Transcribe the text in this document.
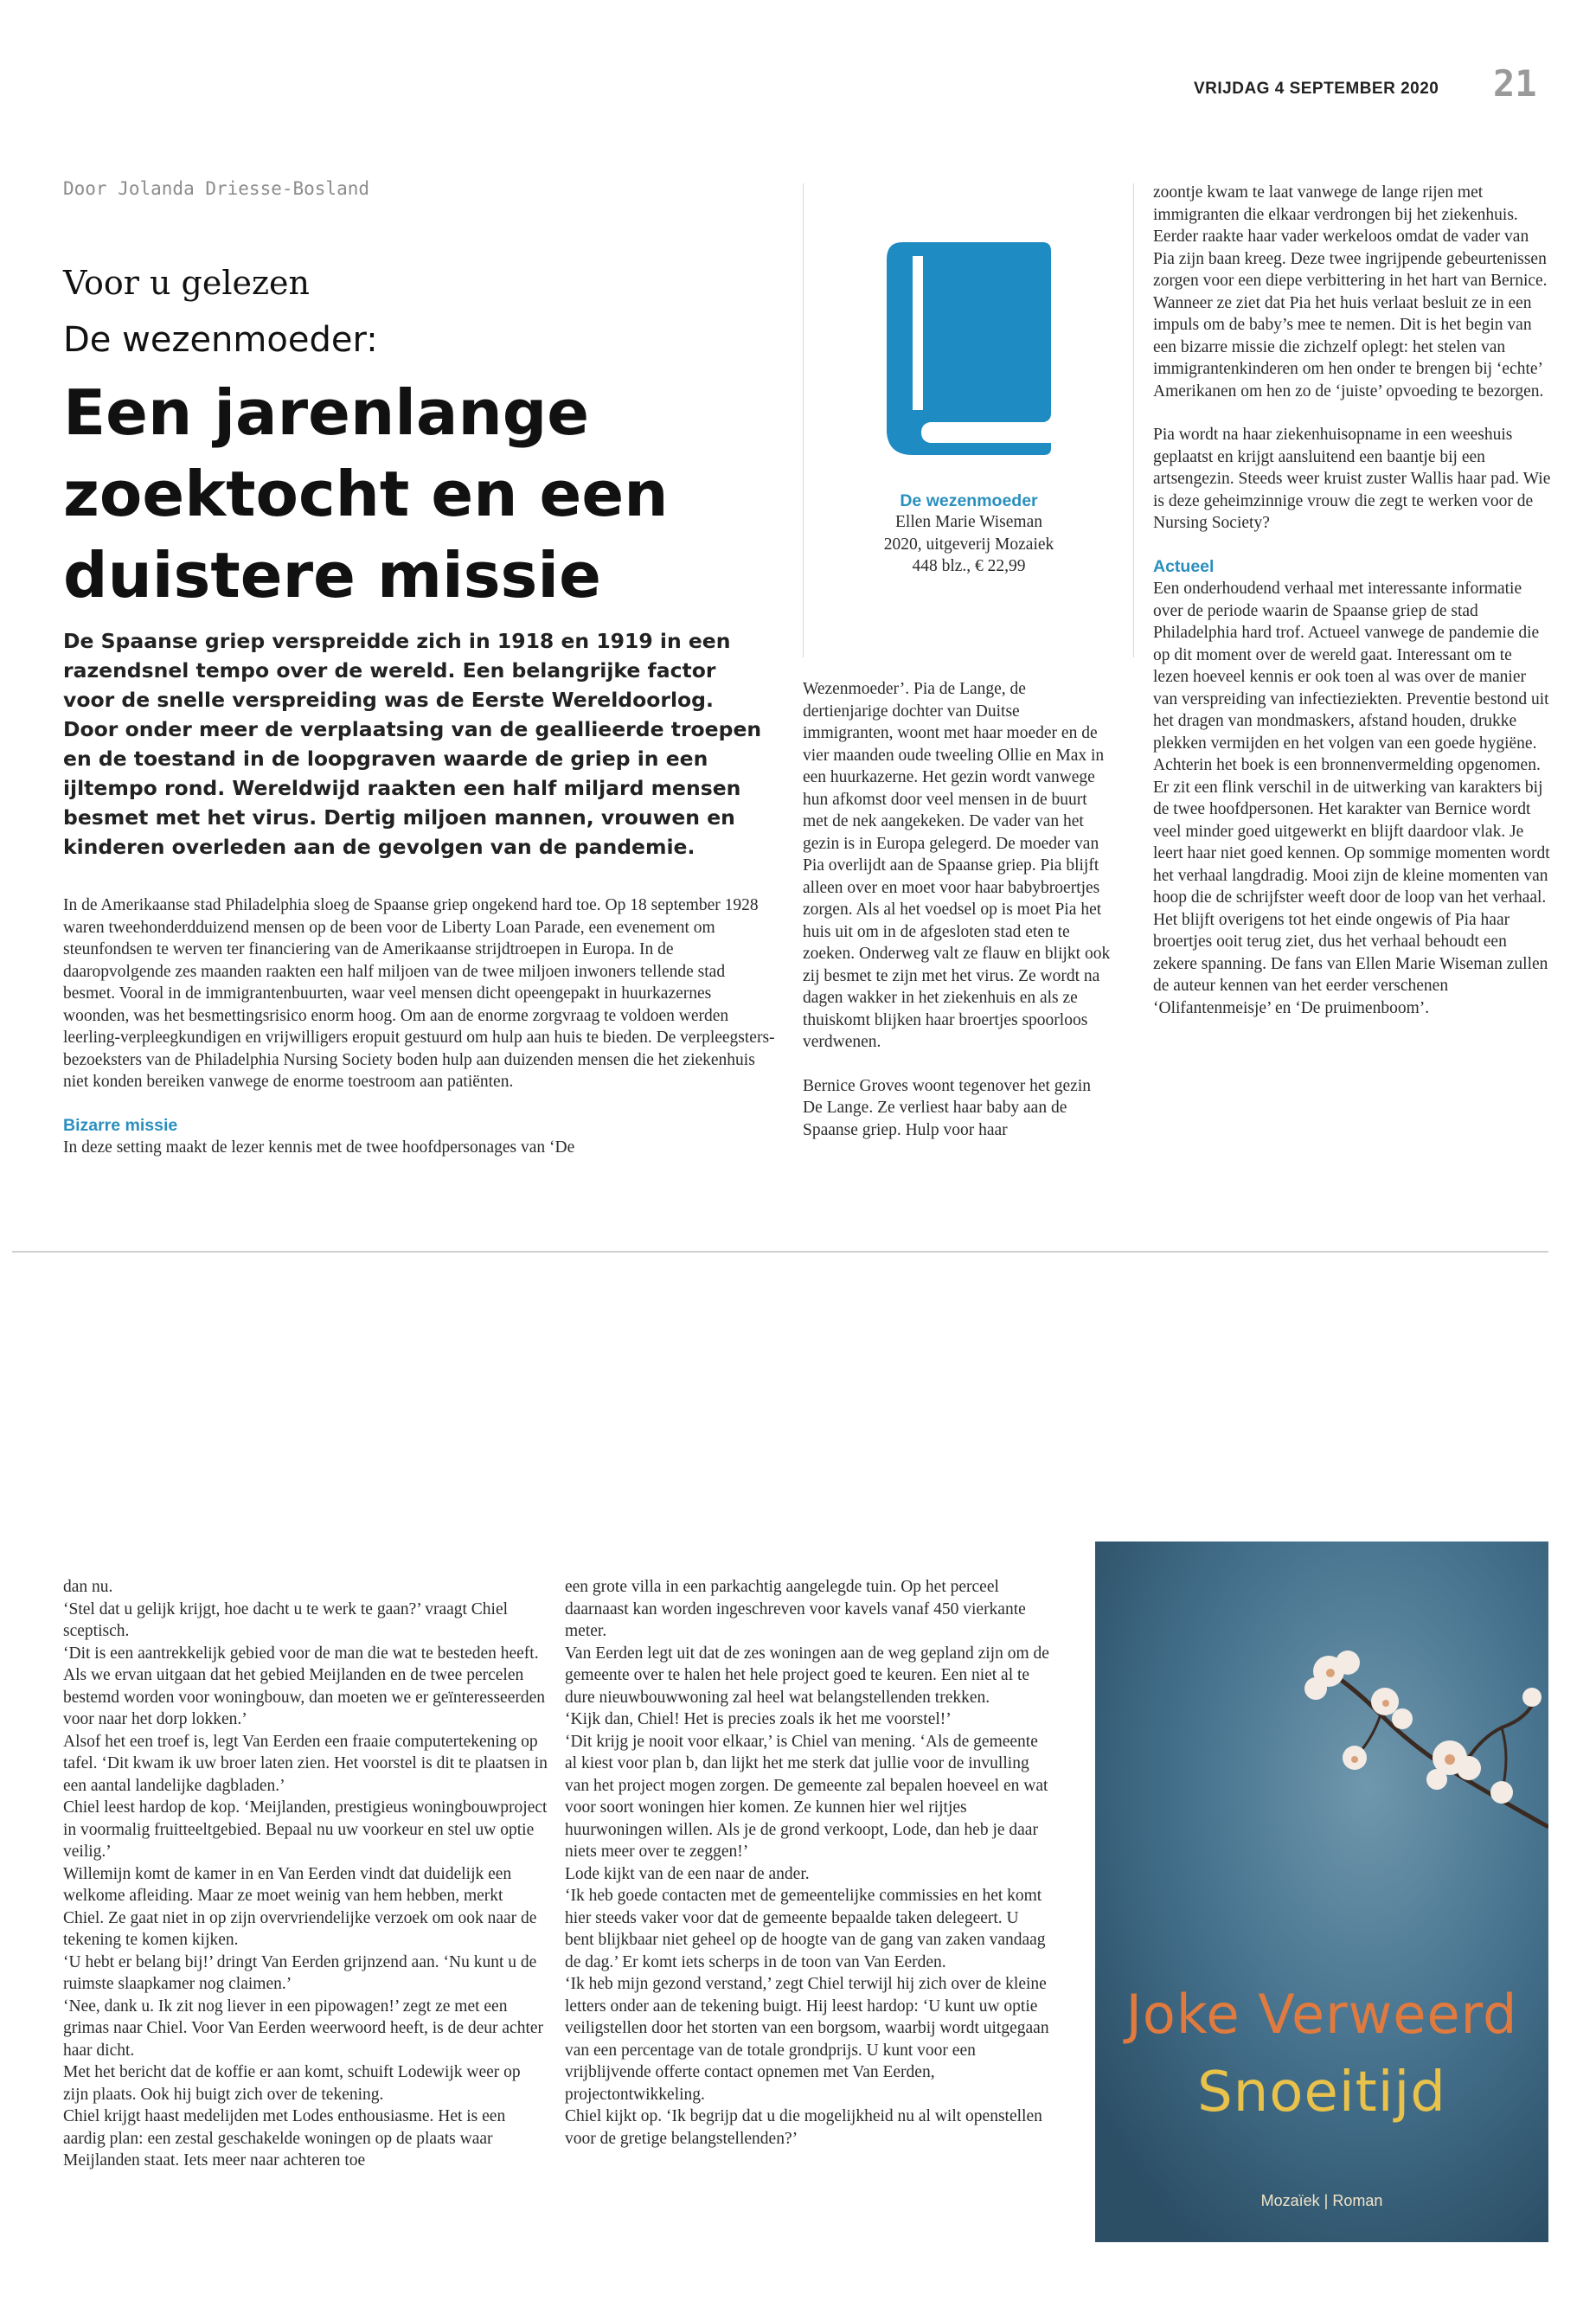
VRIJDAG 4 SEPTEMBER 2020 21
Door Jolanda Driesse-Bosland
Voor u gelezen
De wezenmoeder:
Een jarenlange zoektocht en een duistere missie
De Spaanse griep verspreidde zich in 1918 en 1919 in een razendsnel tempo over de wereld. Een belangrijke factor voor de snelle verspreiding was de Eerste Wereldoorlog. Door onder meer de verplaatsing van de geallieerde troepen en de toestand in de loopgraven waarde de griep in een ijltempo rond. Wereldwijd raakten een half miljard mensen besmet met het virus. Dertig miljoen mannen, vrouwen en kinderen overleden aan de gevolgen van de pandemie.

In de Amerikaanse stad Philadelphia sloeg de Spaanse griep ongekend hard toe. Op 18 september 1928 waren tweehonderdduizend mensen op de been voor de Liberty Loan Parade, een evenement om steunfondsen te werven ter financiering van de Amerikaanse strijdtroepen in Europa. In de daaropvolgende zes maanden raakten een half miljoen van de twee miljoen inwoners tellende stad besmet. Vooral in de immigrantenbuurten, waar veel mensen dicht opeengepakt in huurkazernes woonden, was het besmettingsrisico enorm hoog. Om aan de enorme zorgvraag te voldoen werden leerling-verpleegkundigen en vrijwilligers eropuit gestuurd om hulp aan huis te bieden. De verpleegsters-bezoeksters van de Philadelphia Nursing Society boden hulp aan duizenden mensen die het ziekenhuis niet konden bereiken vanwege de enorme toestroom aan patiënten.

Bizarre missie

In deze setting maakt de lezer kennis met de twee hoofdpersonages van ‘De

De wezenmoeder
Ellen Marie Wiseman
2020, uitgeverij Mozaiek
448 blz., € 22,99

Wezenmoeder’. Pia de Lange, de dertienjarige dochter van Duitse immigranten, woont met haar moeder en de vier maanden oude tweeling Ollie en Max in een huurkazerne. Het gezin wordt vanwege hun afkomst door veel mensen in de buurt met de nek aangekeken. De vader van het gezin is in Europa gelegerd. De moeder van Pia overlijdt aan de Spaanse griep. Pia blijft alleen over en moet voor haar babybroertjes zorgen. Als al het voedsel op is moet Pia het huis uit om in de afgesloten stad eten te zoeken. Onderweg valt ze flauw en blijkt ook zij besmet te zijn met het virus. Ze wordt na dagen wakker in het ziekenhuis en als ze thuiskomt blijken haar broertjes spoorloos verdwenen.

Bernice Groves woont tegenover het gezin De Lange. Ze verliest haar baby aan de Spaanse griep. Hulp voor haar

zoontje kwam te laat vanwege de lange rijen met immigranten die elkaar verdrongen bij het ziekenhuis. Eerder raakte haar vader werkeloos omdat de vader van Pia zijn baan kreeg. Deze twee ingrijpende gebeurtenissen zorgen voor een diepe verbittering in het hart van Bernice. Wanneer ze ziet dat Pia het huis verlaat besluit ze in een impuls om de baby’s mee te nemen. Dit is het begin van een bizarre missie die zichzelf oplegt: het stelen van immigrantenkinderen om hen onder te brengen bij ‘echte’ Amerikanen om hen zo de ‘juiste’ opvoeding te bezorgen.

Pia wordt na haar ziekenhuisopname in een weeshuis geplaatst en krijgt aansluitend een baantje bij een artsengezin. Steeds weer kruist zuster Wallis haar pad. Wie is deze geheimzinnige vrouw die zegt te werken voor de Nursing Society?

Actueel

Een onderhoudend verhaal met interessante informatie over de periode waarin de Spaanse griep de stad Philadelphia hard trof. Actueel vanwege de pandemie die op dit moment over de wereld gaat. Interessant om te lezen hoeveel kennis er ook toen al was over de manier van verspreiding van infectieziekten. Preventie bestond uit het dragen van mondmaskers, afstand houden, drukke plekken vermijden en het volgen van een goede hygiëne. Achterin het boek is een bronnenvermelding opgenomen. Er zit een flink verschil in de uitwerking van karakters bij de twee hoofdpersonen. Het karakter van Bernice wordt veel minder goed uitgewerkt en blijft daardoor vlak. Je leert haar niet goed kennen. Op sommige momenten wordt het verhaal langdradig. Mooi zijn de kleine momenten van hoop die de schrijfster weeft door de loop van het verhaal. Het blijft overigens tot het einde ongewis of Pia haar broertjes ooit terug ziet, dus het verhaal behoudt een zekere spanning. De fans van Ellen Marie Wiseman zullen de auteur kennen van het eerder verschenen ‘Olifantenmeisje’ en ‘De pruimenboom’.

dan nu.
‘Stel dat u gelijk krijgt, hoe dacht u te werk te gaan?’ vraagt Chiel sceptisch.
‘Dit is een aantrekkelijk gebied voor de man die wat te besteden heeft. Als we ervan uitgaan dat het gebied Meijlanden en de twee percelen bestemd worden voor woningbouw, dan moeten we er geïnteresseerden voor naar het dorp lokken.’
Alsof het een troef is, legt Van Eerden een fraaie computertekening op tafel. ‘Dit kwam ik uw broer laten zien. Het voorstel is dit te plaatsen in een aantal landelijke dagbladen.’
Chiel leest hardop de kop. ‘Meijlanden, prestigieus woningbouwproject in voormalig fruitteeltgebied. Bepaal nu uw voorkeur en stel uw optie veilig.’
Willemijn komt de kamer in en Van Eerden vindt dat duidelijk een welkome afleiding. Maar ze moet weinig van hem hebben, merkt Chiel. Ze gaat niet in op zijn overvriendelijke verzoek om ook naar de tekening te komen kijken.
‘U hebt er belang bij!’ dringt Van Eerden grijnzend aan. ‘Nu kunt u de ruimste slaapkamer nog claimen.’
‘Nee, dank u. Ik zit nog liever in een pipowagen!’ zegt ze met een grimas naar Chiel. Voor Van Eerden weerwoord heeft, is de deur achter haar dicht.
Met het bericht dat de koffie er aan komt, schuift Lodewijk weer op zijn plaats. Ook hij buigt zich over de tekening.
Chiel krijgt haast medelijden met Lodes enthousiasme. Het is een aardig plan: een zestal geschakelde woningen op de plaats waar Meijlanden staat. Iets meer naar achteren toe

een grote villa in een parkachtig aangelegde tuin. Op het perceel daarnaast kan worden ingeschreven voor kavels vanaf 450 vierkante meter.
Van Eerden legt uit dat de zes woningen aan de weg gepland zijn om de gemeente over te halen het hele project goed te keuren. Een niet al te dure nieuwbouwwoning zal heel wat belangstellenden trekken.
‘Kijk dan, Chiel! Het is precies zoals ik het me voorstel!’
‘Dit krijg je nooit voor elkaar,’ is Chiel van mening. ‘Als de gemeente al kiest voor plan b, dan lijkt het me sterk dat jullie voor de invulling van het project mogen zorgen. De gemeente zal bepalen hoeveel en wat voor soort woningen hier komen. Ze kunnen hier wel rijtjes huurwoningen willen. Als je de grond verkoopt, Lode, dan heb je daar niets meer over te zeggen!’
Lode kijkt van de een naar de ander.
‘Ik heb goede contacten met de gemeentelijke commissies en het komt hier steeds vaker voor dat de gemeente bepaalde taken delegeert. U bent blijkbaar niet geheel op de hoogte van de gang van zaken vandaag de dag.’ Er komt iets scherps in de toon van Van Eerden.
‘Ik heb mijn gezond verstand,’ zegt Chiel terwijl hij zich over de kleine letters onder aan de tekening buigt. Hij leest hardop: ‘U kunt uw optie veiligstellen door het storten van een borgsom, waarbij wordt uitgegaan van een percentage van de totale grondprijs. U kunt voor een vrijblijvende offerte contact opnemen met Van Eerden, projectontwikkeling.
Chiel kijkt op. ‘Ik begrijp dat u die mogelijkheid nu al wilt openstellen voor de gretige belangstellenden?’

Joke Verweerd
Snoeitijd
Mozaïek | Roman
